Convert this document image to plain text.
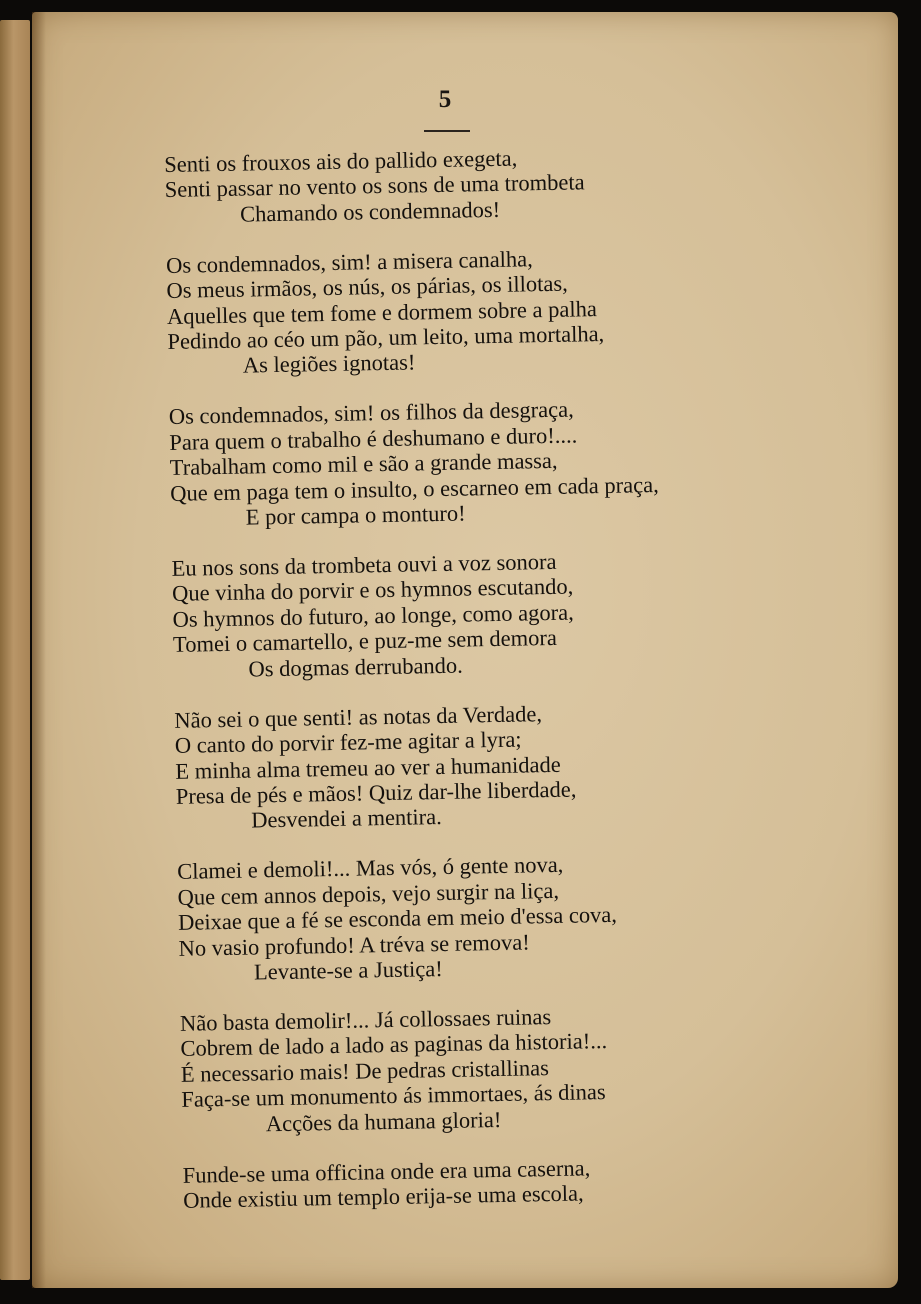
5
Senti os frouxos ais do pallido exegeta,
Senti passar no vento os sons de uma trombeta
Chamando os condemnados!
Os condemnados, sim! a misera canalha,
Os meus irmãos, os nús, os párias, os illotas,
Aquelles que tem fome e dormem sobre a palha
Pedindo ao céo um pão, um leito, uma mortalha,
As legiões ignotas!
Os condemnados, sim! os filhos da desgraça,
Para quem o trabalho é deshumano e duro!....
Trabalham como mil e são a grande massa,
Que em paga tem o insulto, o escarneo em cada praça,
E por campa o monturo!
Eu nos sons da trombeta ouvi a voz sonora
Que vinha do porvir e os hymnos escutando,
Os hymnos do futuro, ao longe, como agora,
Tomei o camartello, e puz-me sem demora
Os dogmas derrubando.
Não sei o que senti! as notas da Verdade,
O canto do porvir fez-me agitar a lyra;
E minha alma tremeu ao ver a humanidade
Presa de pés e mãos! Quiz dar-lhe liberdade,
Desvendei a mentira.
Clamei e demoli!... Mas vós, ó gente nova,
Que cem annos depois, vejo surgir na liça,
Deixae que a fé se esconda em meio d'essa cova,
No vasio profundo! A tréva se remova!
Levante-se a Justiça!
Não basta demolir!... Já collossaes ruinas
Cobrem de lado a lado as paginas da historia!...
É necessario mais! De pedras cristallinas
Faça-se um monumento ás immortaes, ás dinas
Acções da humana gloria!
Funde-se uma officina onde era uma caserna,
Onde existiu um templo erija-se uma escola,
